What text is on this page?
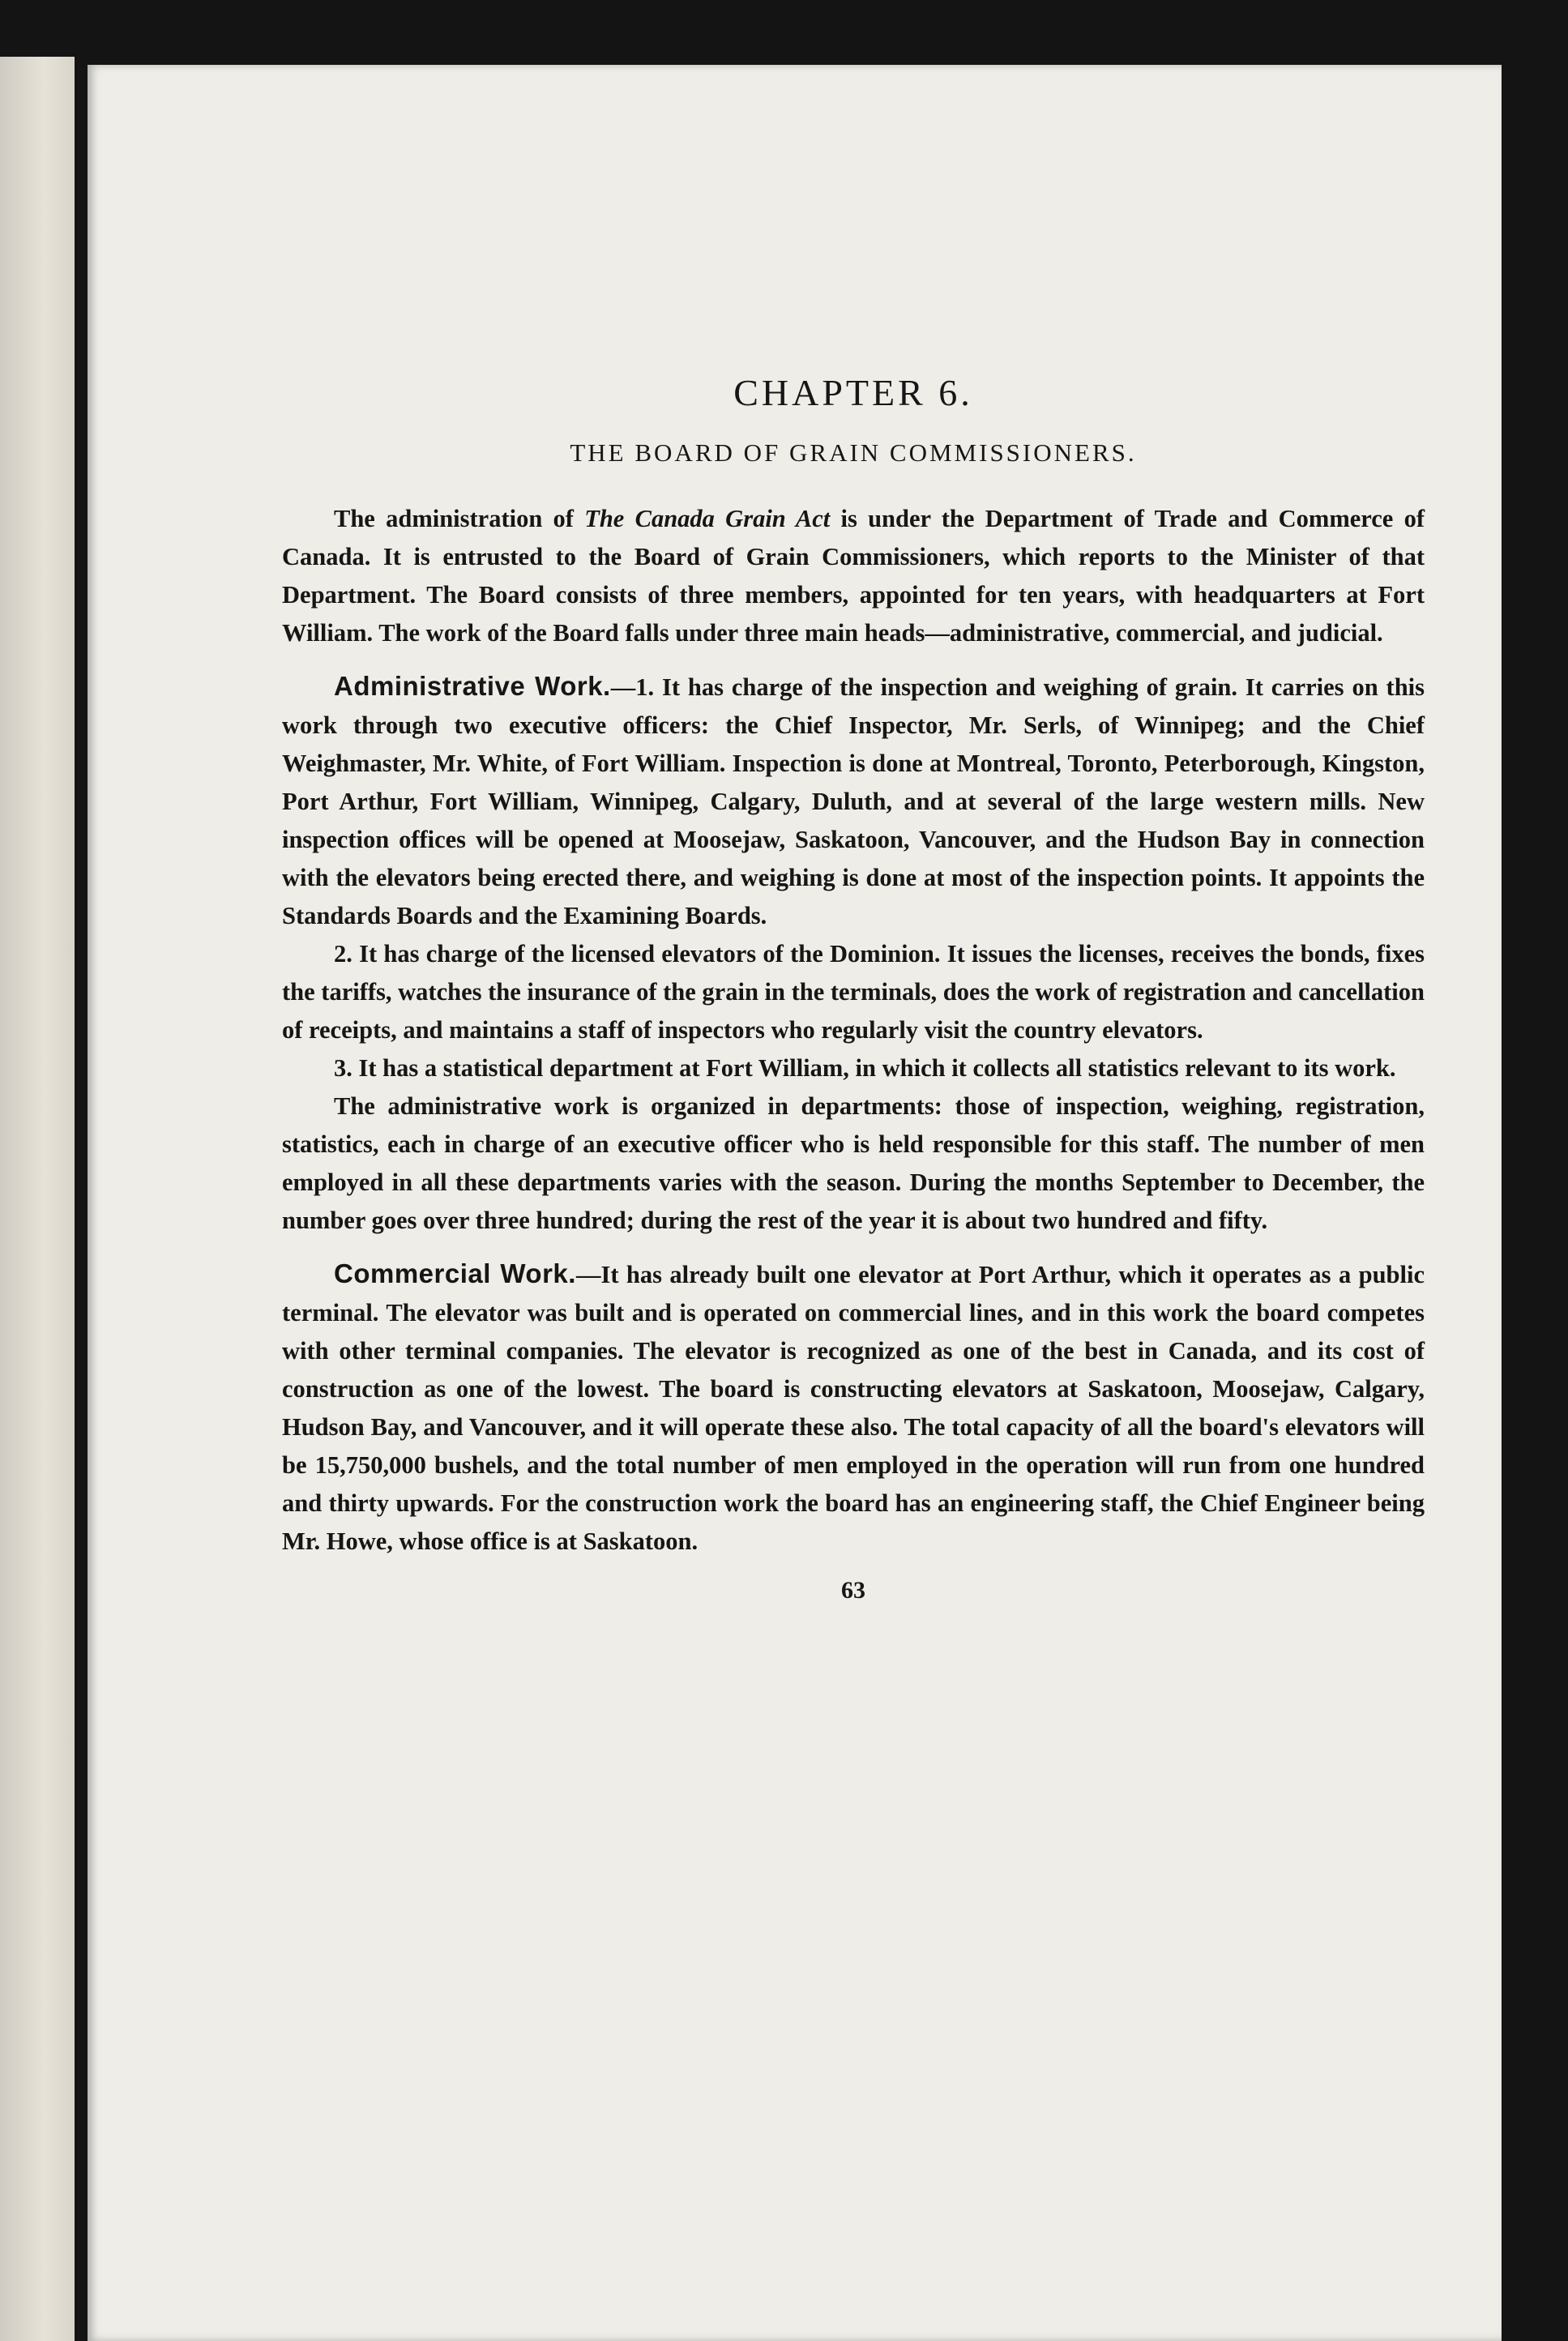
CHAPTER 6.
THE BOARD OF GRAIN COMMISSIONERS.

The administration of The Canada Grain Act is under the Department of Trade and Commerce of Canada. It is entrusted to the Board of Grain Commissioners, which reports to the Minister of that Department. The Board consists of three members, appointed for ten years, with headquarters at Fort William. The work of the Board falls under three main heads—administrative, commercial, and judicial.

Administrative Work.—1. It has charge of the inspection and weighing of grain. It carries on this work through two executive officers: the Chief Inspector, Mr. Serls, of Winnipeg; and the Chief Weighmaster, Mr. White, of Fort William. Inspection is done at Montreal, Toronto, Peterborough, Kingston, Port Arthur, Fort William, Winnipeg, Calgary, Duluth, and at several of the large western mills. New inspection offices will be opened at Moosejaw, Saskatoon, Vancouver, and the Hudson Bay in connection with the elevators being erected there, and weighing is done at most of the inspection points. It appoints the Standards Boards and the Examining Boards.

2. It has charge of the licensed elevators of the Dominion. It issues the licenses, receives the bonds, fixes the tariffs, watches the insurance of the grain in the terminals, does the work of registration and cancellation of receipts, and maintains a staff of inspectors who regularly visit the country elevators.

3. It has a statistical department at Fort William, in which it collects all statistics relevant to its work.

The administrative work is organized in departments: those of inspection, weighing, registration, statistics, each in charge of an executive officer who is held responsible for this staff. The number of men employed in all these departments varies with the season. During the months September to December, the number goes over three hundred; during the rest of the year it is about two hundred and fifty.

Commercial Work.—It has already built one elevator at Port Arthur, which it operates as a public terminal. The elevator was built and is operated on commercial lines, and in this work the board competes with other terminal companies. The elevator is recognized as one of the best in Canada, and its cost of construction as one of the lowest. The board is constructing elevators at Saskatoon, Moosejaw, Calgary, Hudson Bay, and Vancouver, and it will operate these also. The total capacity of all the board's elevators will be 15,750,000 bushels, and the total number of men employed in the operation will run from one hundred and thirty upwards. For the construction work the board has an engineering staff, the Chief Engineer being Mr. Howe, whose office is at Saskatoon.

63
